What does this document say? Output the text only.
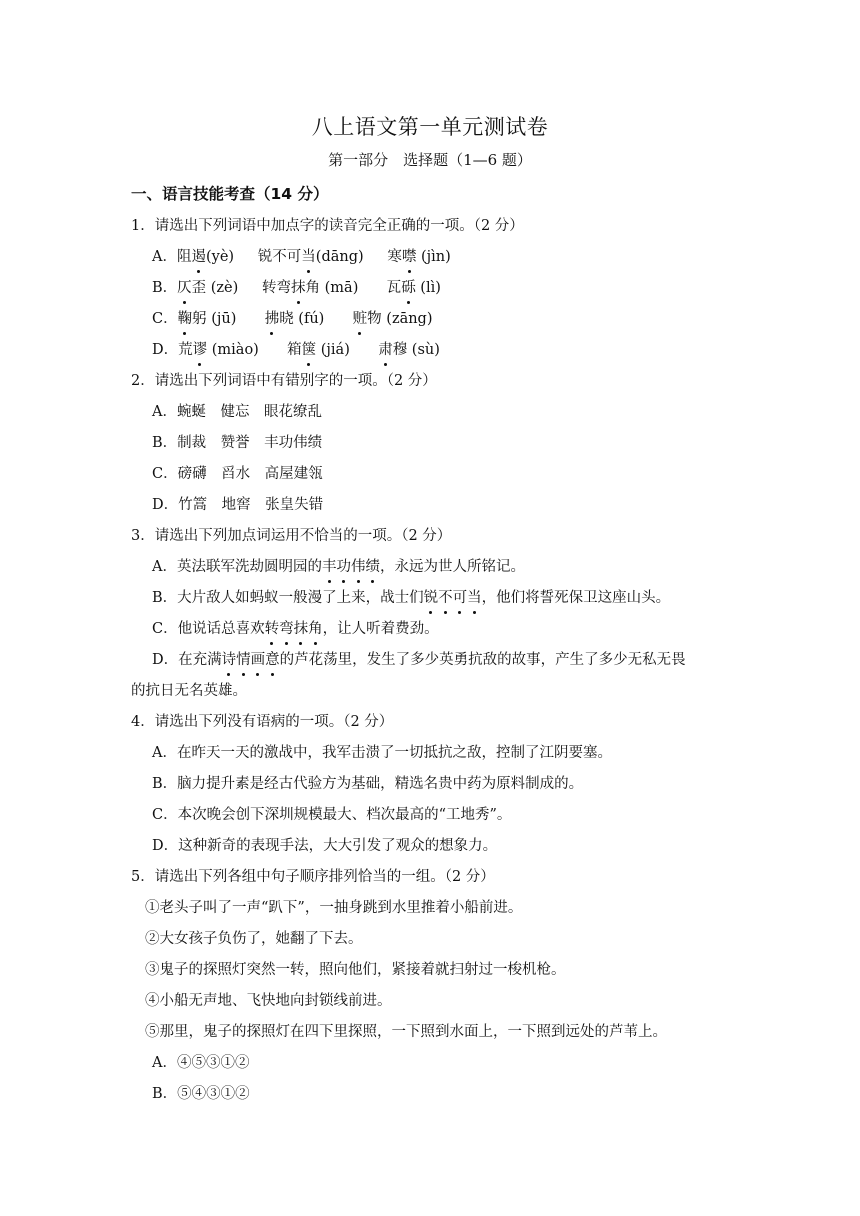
八上语文第一单元测试卷
第一部分　选择题（1—6 题）
一、语言技能考查（14 分）
1．请选出下列词语中加点字的读音完全正确的一项。（2 分）
A．阻遏(yè)　  锐不可当(dāng)　  寒噤 (jìn)
B．仄歪 (zè)　  转弯抹角 (mā)　   瓦砾 (lì)
C．鞠躬 (jū)　   拂晓 (fú)　   赃物 (zāng)
D．荒谬 (miào)　   箱箧 (jiá)　   肃穆 (sù)
2．请选出下列词语中有错别字的一项。（2 分）
A．蜿蜒　健忘　眼花缭乱
B．制裁　赞誉　丰功伟绩
C．磅礴　舀水　高屋建瓴
D．竹篙　地窖　张皇失错
3．请选出下列加点词运用不恰当的一项。（2 分）
A．英法联军洗劫圆明园的丰功伟绩，永远为世人所铭记。
B．大片敌人如蚂蚁一般漫了上来，战士们锐不可当，他们将誓死保卫这座山头。
C．他说话总喜欢转弯抹角，让人听着费劲。
D．在充满诗情画意的芦花荡里，发生了多少英勇抗敌的故事，产生了多少无私无畏
的抗日无名英雄。
4．请选出下列没有语病的一项。（2 分）
A．在昨天一天的激战中，我军击溃了一切抵抗之敌，控制了江阴要塞。
B．脑力提升素是经古代验方为基础，精选名贵中药为原料制成的。
C．本次晚会创下深圳规模最大、档次最高的“工地秀”。
D．这种新奇的表现手法，大大引发了观众的想象力。
5．请选出下列各组中句子顺序排列恰当的一组。（2 分）
①老头子叫了一声“趴下”，一抽身跳到水里推着小船前进。
②大女孩子负伤了，她翻了下去。
③鬼子的探照灯突然一转，照向他们，紧接着就扫射过一梭机枪。
④小船无声地、飞快地向封锁线前进。
⑤那里，鬼子的探照灯在四下里探照，一下照到水面上，一下照到远处的芦苇上。
A．④⑤③①②
B．⑤④③①②
